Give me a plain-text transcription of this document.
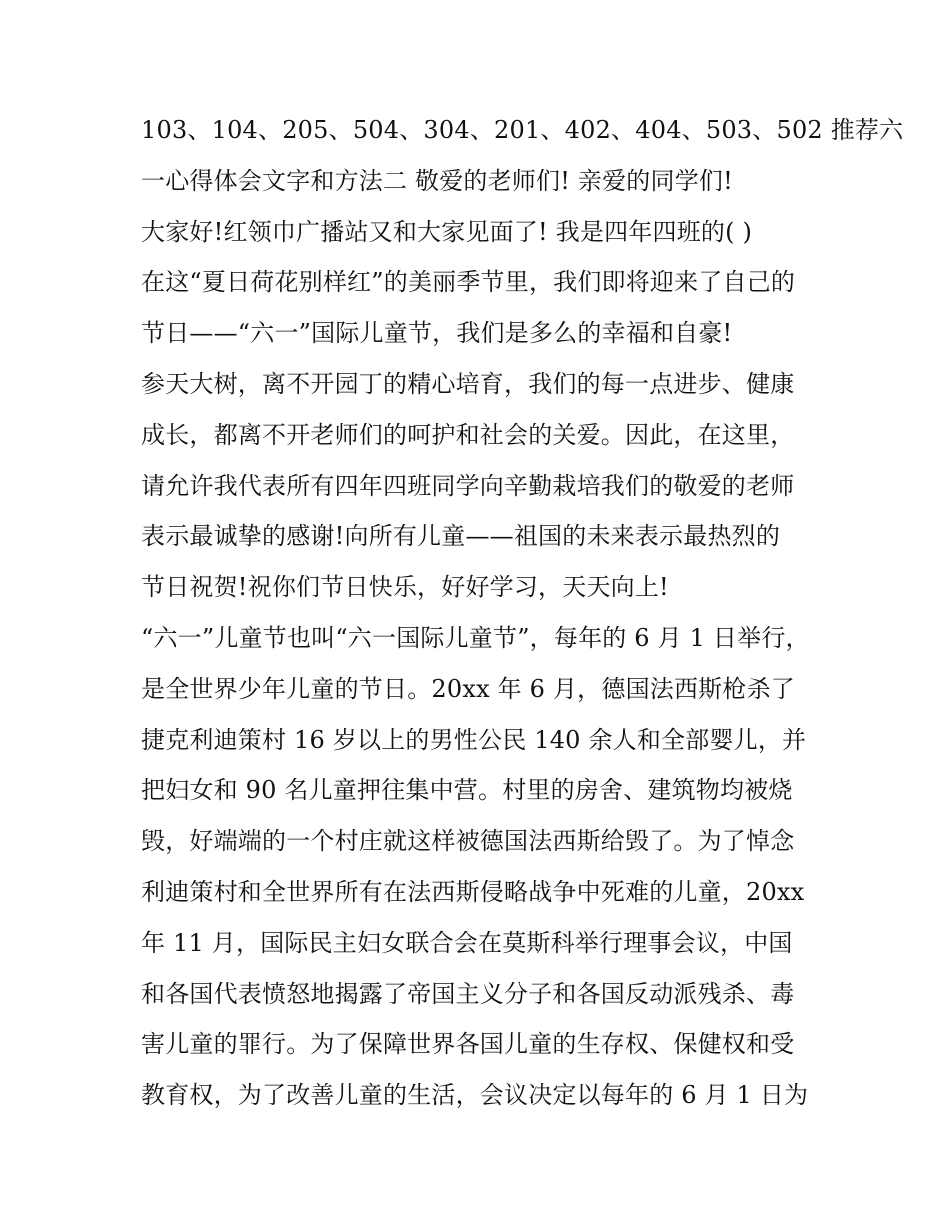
103、104、205、504、304、201、402、404、503、502 推荐六
一心得体会文字和方法二 敬爱的老师们! 亲爱的同学们!
大家好!红领巾广播站又和大家见面了! 我是四年四班的( )
在这“夏日荷花别样红”的美丽季节里，我们即将迎来了自己的
节日——“六一”国际儿童节，我们是多么的幸福和自豪!
参天大树，离不开园丁的精心培育，我们的每一点进步、健康
成长，都离不开老师们的呵护和社会的关爱。因此，在这里，
请允许我代表所有四年四班同学向辛勤栽培我们的敬爱的老师
表示最诚挚的感谢!向所有儿童——祖国的未来表示最热烈的
节日祝贺!祝你们节日快乐，好好学习，天天向上!
“六一”儿童节也叫“六一国际儿童节”，每年的 6 月 1 日举行，
是全世界少年儿童的节日。20xx 年 6 月，德国法西斯枪杀了
捷克利迪策村 16 岁以上的男性公民 140 余人和全部婴儿，并
把妇女和 90 名儿童押往集中营。村里的房舍、建筑物均被烧
毁，好端端的一个村庄就这样被德国法西斯给毁了。为了悼念
利迪策村和全世界所有在法西斯侵略战争中死难的儿童，20xx
年 11 月，国际民主妇女联合会在莫斯科举行理事会议，中国
和各国代表愤怒地揭露了帝国主义分子和各国反动派残杀、毒
害儿童的罪行。为了保障世界各国儿童的生存权、保健权和受
教育权，为了改善儿童的生活，会议决定以每年的 6 月 1 日为
